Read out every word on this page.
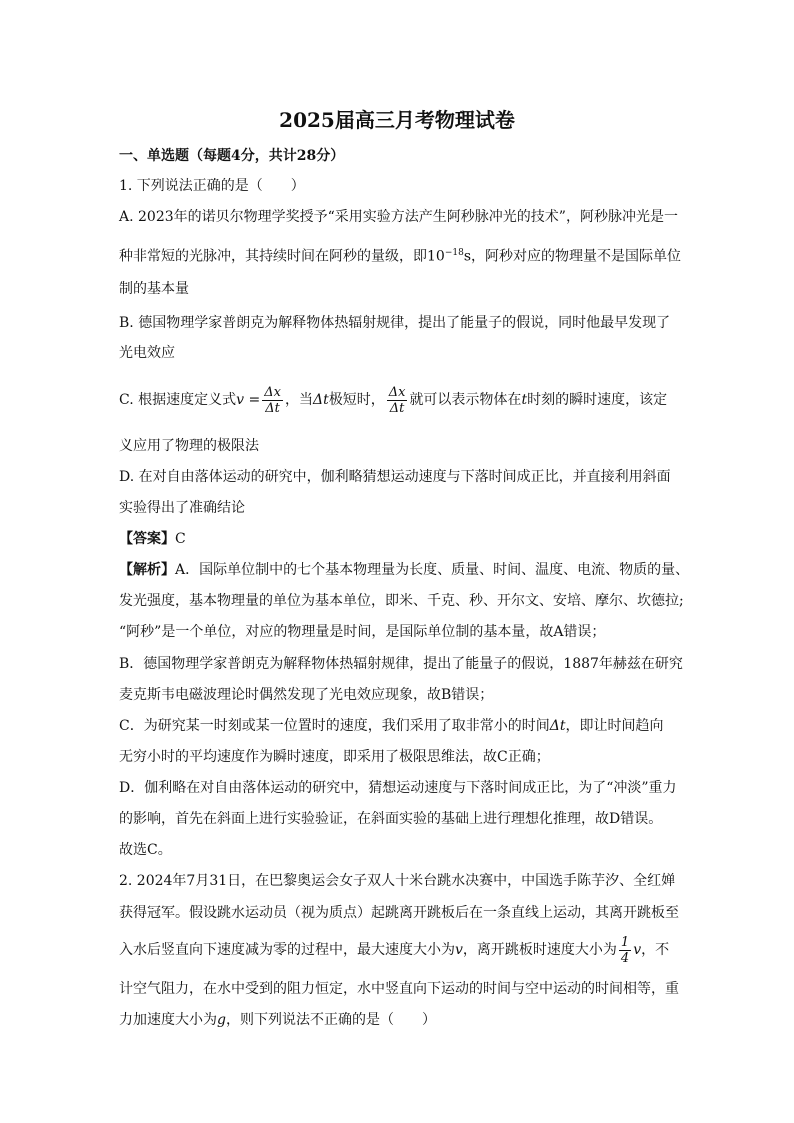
2025届高三月考物理试卷
一、单选题（每题4分，共计28分）
1. 下列说法正确的是（　　）
A. 2023年的诺贝尔物理学奖授予“采用实验方法产生阿秒脉冲光的技术”，阿秒脉冲光是一
种非常短的光脉冲，其持续时间在阿秒的量级，即$10^{-18}s$，阿秒对应的物理量不是国际单位
制的基本量
B. 德国物理学家普朗克为解释物体热辐射规律，提出了能量子的假说，同时他最早发现了
光电效应
C. 根据速度定义式$v = \frac{\Delta x}{\Delta t}$ ，当Δt极短时， $\frac{\Delta x}{\Delta t}$ 就可以表示物体在t时刻的瞬时速度，该定
义应用了物理的极限法
D. 在对自由落体运动的研究中，伽利略猜想运动速度与下落时间成正比，并直接利用斜面
实验得出了准确结论
【答案】C
【解析】A．国际单位制中的七个基本物理量为长度、质量、时间、温度、电流、物质的量、
发光强度，基本物理量的单位为基本单位，即米、千克、秒、开尔文、安培、摩尔、坎德拉;
“阿秒”是一个单位，对应的物理量是时间，是国际单位制的基本量，故A错误；
B．德国物理学家普朗克为解释物体热辐射规律，提出了能量子的假说，1887年赫兹在研究
麦克斯韦电磁波理论时偶然发现了光电效应现象，故B错误；
C．为研究某一时刻或某一位置时的速度，我们采用了取非常小的时间Δt，即让时间趋向
无穷小时的平均速度作为瞬时速度，即采用了极限思维法，故C正确；
D．伽利略在对自由落体运动的研究中，猜想运动速度与下落时间成正比，为了“冲淡”重力
的影响，首先在斜面上进行实验验证，在斜面实验的基础上进行理想化推理，故D错误。
故选C。
2. 2024年7月31日，在巴黎奥运会女子双人十米台跳水决赛中，中国选手陈芋汐、全红婵
获得冠军。假设跳水运动员（视为质点）起跳离开跳板后在一条直线上运动，其离开跳板至
入水后竖直向下速度减为零的过程中，最大速度大小为v，离开跳板时速度大小为 $\frac{1}{4}$ v，不
计空气阻力，在水中受到的阻力恒定，水中竖直向下运动的时间与空中运动的时间相等，重
力加速度大小为g，则下列说法不正确的是（　　）
